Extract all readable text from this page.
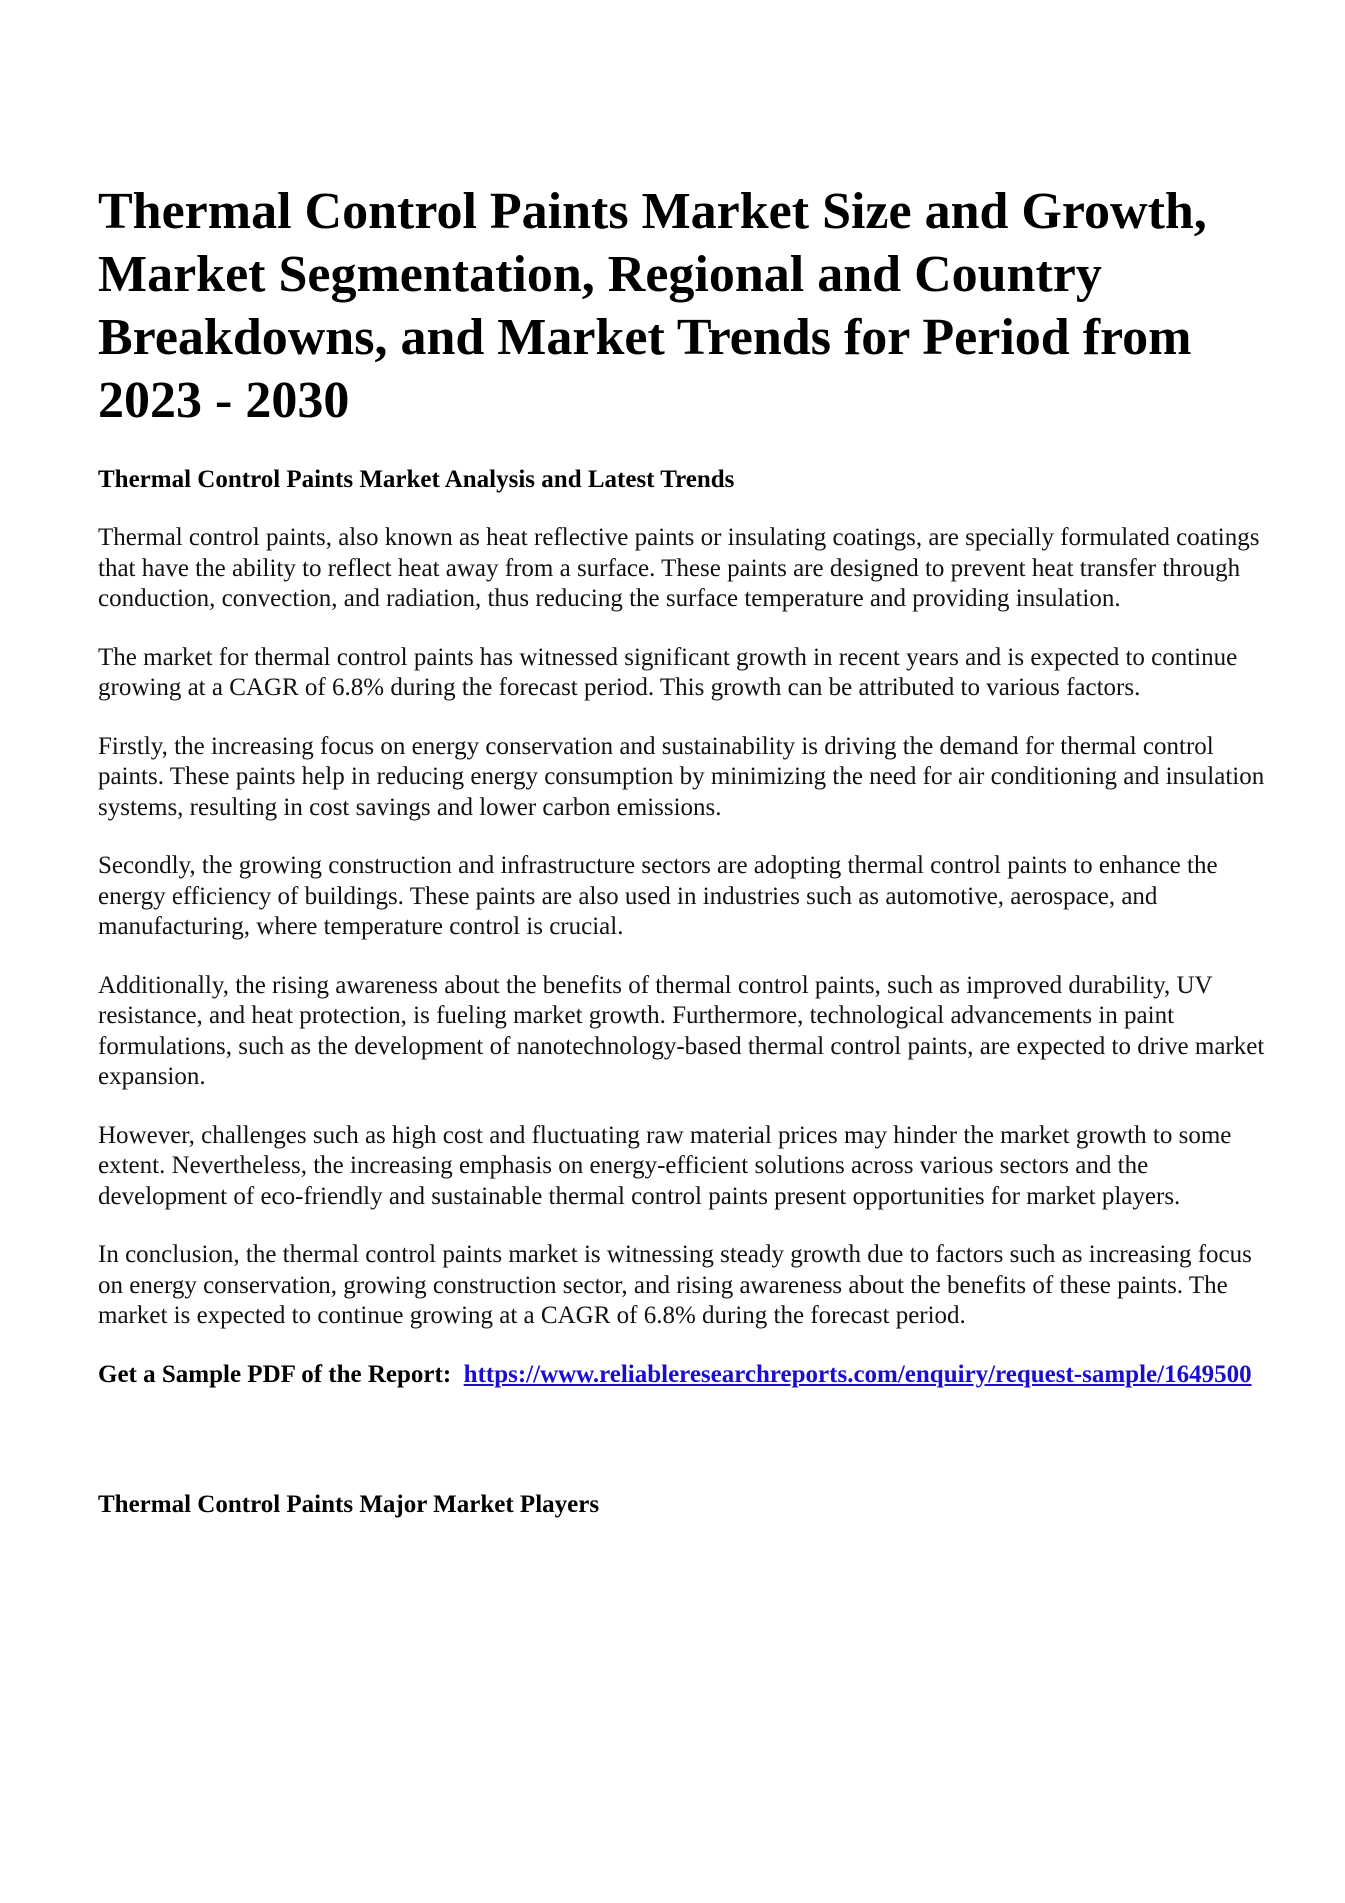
Thermal Control Paints Market Size and Growth, Market Segmentation, Regional and Country Breakdowns, and Market Trends for Period from 2023 - 2030
Thermal Control Paints Market Analysis and Latest Trends

Thermal control paints, also known as heat reflective paints or insulating coatings, are specially formulated coatings that have the ability to reflect heat away from a surface. These paints are designed to prevent heat transfer through conduction, convection, and radiation, thus reducing the surface temperature and providing insulation.

The market for thermal control paints has witnessed significant growth in recent years and is expected to continue growing at a CAGR of 6.8% during the forecast period. This growth can be attributed to various factors.

Firstly, the increasing focus on energy conservation and sustainability is driving the demand for thermal control paints. These paints help in reducing energy consumption by minimizing the need for air conditioning and insulation systems, resulting in cost savings and lower carbon emissions.

Secondly, the growing construction and infrastructure sectors are adopting thermal control paints to enhance the energy efficiency of buildings. These paints are also used in industries such as automotive, aerospace, and manufacturing, where temperature control is crucial.

Additionally, the rising awareness about the benefits of thermal control paints, such as improved durability, UV resistance, and heat protection, is fueling market growth. Furthermore, technological advancements in paint formulations, such as the development of nanotechnology-based thermal control paints, are expected to drive market expansion.

However, challenges such as high cost and fluctuating raw material prices may hinder the market growth to some extent. Nevertheless, the increasing emphasis on energy-efficient solutions across various sectors and the development of eco-friendly and sustainable thermal control paints present opportunities for market players.

In conclusion, the thermal control paints market is witnessing steady growth due to factors such as increasing focus on energy conservation, growing construction sector, and rising awareness about the benefits of these paints. The market is expected to continue growing at a CAGR of 6.8% during the forecast period.

Get a Sample PDF of the Report: https://www.reliableresearchreports.com/enquiry/request-sample/1649500

Thermal Control Paints Major Market Players
